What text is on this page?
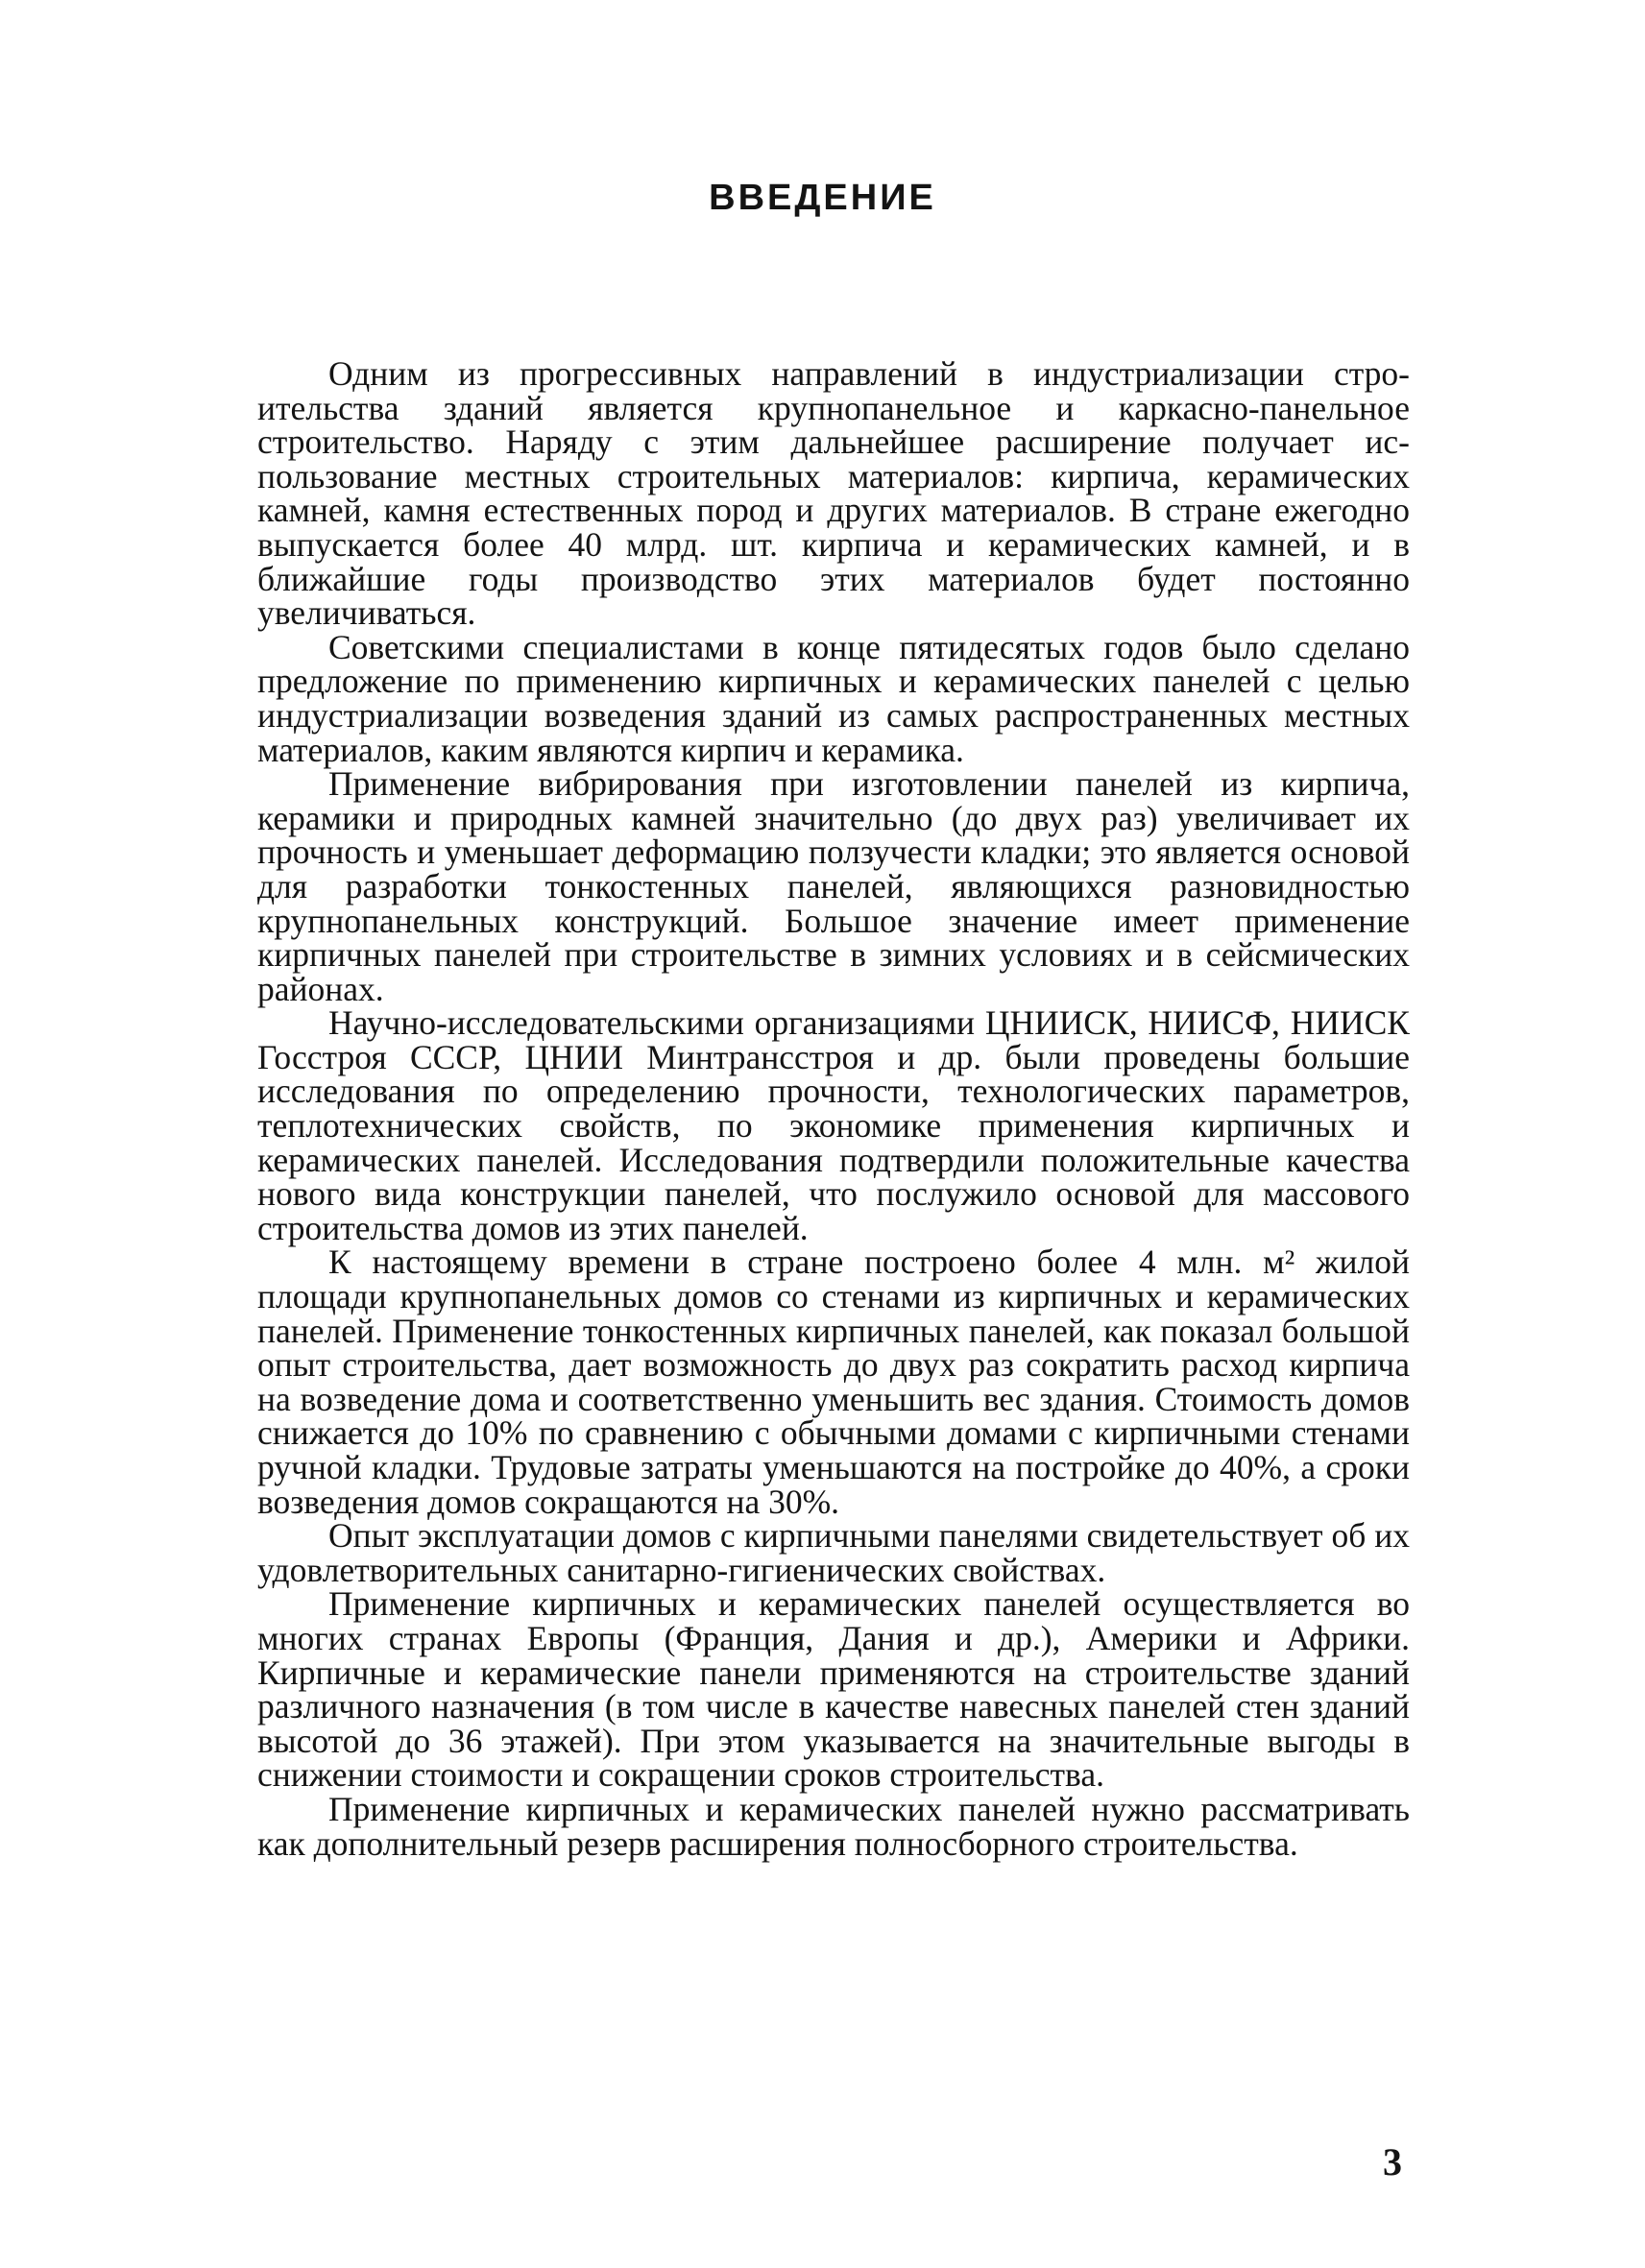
ВВЕДЕНИЕ

Одним из прогрессивных направлений в индустриализации строительства зданий является крупнопанельное и каркасно-панельное строительство. Наряду с этим дальнейшее расширение получает использование местных строительных материалов: кирпича, керамических камней, камня естественных пород и других материалов. В стране ежегодно выпускается более 40 млрд. шт. кирпича и керамических камней, и в ближайшие годы производство этих материалов будет постоянно увеличиваться.

Советскими специалистами в конце пятидесятых годов было сделано предложение по применению кирпичных и керамических панелей с целью индустриализации возведения зданий из самых распространенных местных материалов, каким являются кирпич и керамика.

Применение вибрирования при изготовлении панелей из кирпича, керамики и природных камней значительно (до двух раз) увеличивает их прочность и уменьшает деформацию ползучести кладки; это является основой для разработки тонкостенных панелей, являющихся разновидностью крупнопанельных конструкций. Большое значение имеет применение кирпичных панелей при строительстве в зимних условиях и в сейсмических районах.

Научно-исследовательскими организациями ЦНИИСК, НИИСФ, НИИСК Госстроя СССР, ЦНИИ Минтрансстроя и др. были проведены большие исследования по определению прочности, технологических параметров, теплотехнических свойств, по экономике применения кирпичных и керамических панелей. Исследования подтвердили положительные качества нового вида конструкции панелей, что послужило основой для массового строительства домов из этих панелей.

К настоящему времени в стране построено более 4 млн. м² жилой площади крупнопанельных домов со стенами из кирпичных и керамических панелей. Применение тонкостенных кирпичных панелей, как показал большой опыт строительства, дает возможность до двух раз сократить расход кирпича на возведение дома и соответственно уменьшить вес здания. Стоимость домов снижается до 10% по сравнению с обычными домами с кирпичными стенами ручной кладки. Трудовые затраты уменьшаются на постройке до 40%, а сроки возведения домов сокращаются на 30%.

Опыт эксплуатации домов с кирпичными панелями свидетельствует об их удовлетворительных санитарно-гигиенических свойствах.

Применение кирпичных и керамических панелей осуществляется во многих странах Европы (Франция, Дания и др.), Америки и Африки. Кирпичные и керамические панели применяются на строительстве зданий различного назначения (в том числе в качестве навесных панелей стен зданий высотой до 36 этажей). При этом указывается на значительные выгоды в снижении стоимости и сокращении сроков строительства.

Применение кирпичных и керамических панелей нужно рассматривать как дополнительный резерв расширения полносборного строительства.

3
